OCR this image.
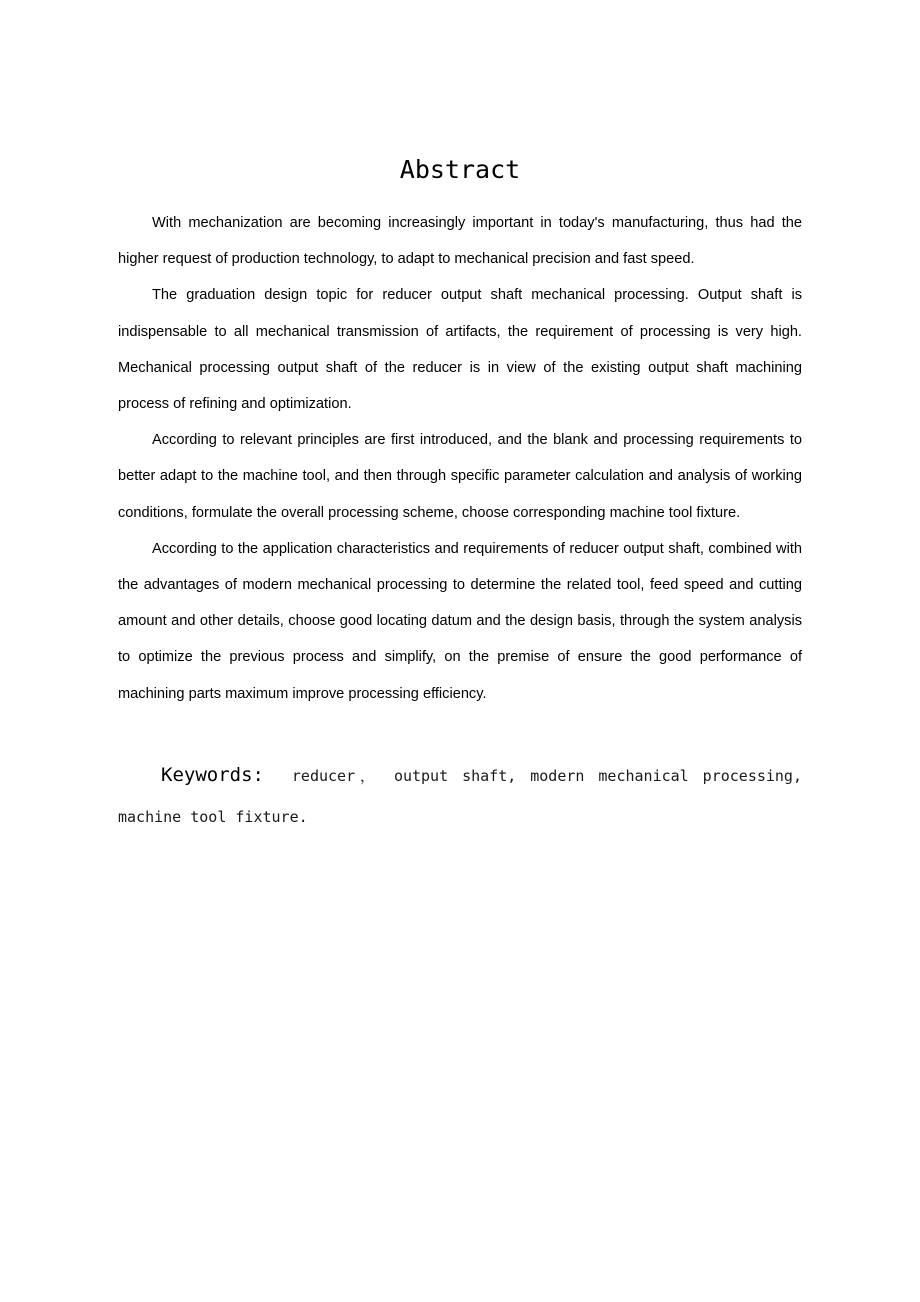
Abstract

With mechanization are becoming increasingly important in today's manufacturing, thus had the higher request of production technology, to adapt to mechanical precision and fast speed.

The graduation design topic for reducer output shaft mechanical processing. Output shaft is indispensable to all mechanical transmission of artifacts, the requirement of processing is very high. Mechanical processing output shaft of the reducer is in view of the existing output shaft machining process of refining and optimization.

According to relevant principles are first introduced, and the blank and processing requirements to better adapt to the machine tool, and then through specific parameter calculation and analysis of working conditions, formulate the overall processing scheme, choose corresponding machine tool fixture.

According to the application characteristics and requirements of reducer output shaft, combined with the advantages of modern mechanical processing to determine the related tool, feed speed and cutting amount and other details, choose good locating datum and the design basis, through the system analysis to optimize the previous process and simplify, on the premise of ensure the good performance of machining parts maximum improve processing efficiency.

Keywords: reducer， output shaft, modern mechanical processing, machine tool fixture.
